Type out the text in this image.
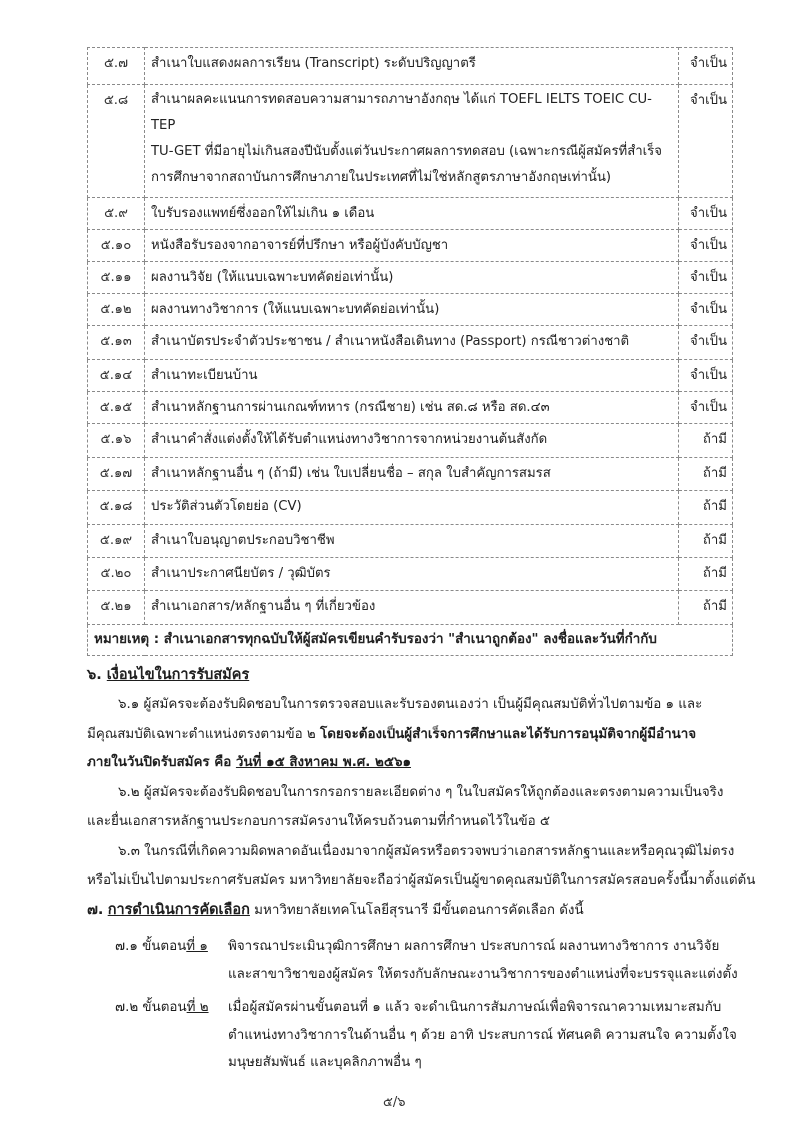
๕.๗	สำเนาใบแสดงผลการเรียน (Transcript) ระดับปริญญาตรี	จำเป็น
๕.๘	สำเนาผลคะแนนการทดสอบความสามารถภาษาอังกฤษ ได้แก่ TOEFL IELTS TOEIC CU-TEP
TU-GET ที่มีอายุไม่เกินสองปีนับตั้งแต่วันประกาศผลการทดสอบ (เฉพาะกรณีผู้สมัครที่สำเร็จ
การศึกษาจากสถาบันการศึกษาภายในประเทศที่ไม่ใช่หลักสูตรภาษาอังกฤษเท่านั้น)	จำเป็น
๕.๙	ใบรับรองแพทย์ซึ่งออกให้ไม่เกิน ๑ เดือน	จำเป็น
๕.๑๐	หนังสือรับรองจากอาจารย์ที่ปรึกษา หรือผู้บังคับบัญชา	จำเป็น
๕.๑๑	ผลงานวิจัย (ให้แนบเฉพาะบทคัดย่อเท่านั้น)	จำเป็น
๕.๑๒	ผลงานทางวิชาการ (ให้แนบเฉพาะบทคัดย่อเท่านั้น)	จำเป็น
๕.๑๓	สำเนาบัตรประจำตัวประชาชน / สำเนาหนังสือเดินทาง (Passport) กรณีชาวต่างชาติ	จำเป็น
๕.๑๔	สำเนาทะเบียนบ้าน	จำเป็น
๕.๑๕	สำเนาหลักฐานการผ่านเกณฑ์ทหาร (กรณีชาย) เช่น สด.๘ หรือ สด.๔๓	จำเป็น
๕.๑๖	สำเนาคำสั่งแต่งตั้งให้ได้รับตำแหน่งทางวิชาการจากหน่วยงานต้นสังกัด	ถ้ามี
๕.๑๗	สำเนาหลักฐานอื่น ๆ (ถ้ามี) เช่น ใบเปลี่ยนชื่อ – สกุล ใบสำคัญการสมรส	ถ้ามี
๕.๑๘	ประวัติส่วนตัวโดยย่อ (CV)	ถ้ามี
๕.๑๙	สำเนาใบอนุญาตประกอบวิชาชีพ	ถ้ามี
๕.๒๐	สำเนาประกาศนียบัตร / วุฒิบัตร	ถ้ามี
๕.๒๑	สำเนาเอกสาร/หลักฐานอื่น ๆ ที่เกี่ยวข้อง	ถ้ามี
หมายเหตุ : สำเนาเอกสารทุกฉบับให้ผู้สมัครเขียนคำรับรองว่า "สำเนาถูกต้อง" ลงชื่อและวันที่กำกับ		
๖. เงื่อนไขในการรับสมัคร
๖.๑ ผู้สมัครจะต้องรับผิดชอบในการตรวจสอบและรับรองตนเองว่า เป็นผู้มีคุณสมบัติทั่วไปตามข้อ ๑ และ
มีคุณสมบัติเฉพาะตำแหน่งตรงตามข้อ ๒ โดยจะต้องเป็นผู้สำเร็จการศึกษาและได้รับการอนุมัติจากผู้มีอำนาจ
ภายในวันปิดรับสมัคร คือ วันที่ ๑๕ สิงหาคม พ.ศ. ๒๕๖๑
๖.๒ ผู้สมัครจะต้องรับผิดชอบในการกรอกรายละเอียดต่าง ๆ ในใบสมัครให้ถูกต้องและตรงตามความเป็นจริง
และยื่นเอกสารหลักฐานประกอบการสมัครงานให้ครบถ้วนตามที่กำหนดไว้ในข้อ ๕
๖.๓ ในกรณีที่เกิดความผิดพลาดอันเนื่องมาจากผู้สมัครหรือตรวจพบว่าเอกสารหลักฐานและหรือคุณวุฒิไม่ตรง
หรือไม่เป็นไปตามประกาศรับสมัคร มหาวิทยาลัยจะถือว่าผู้สมัครเป็นผู้ขาดคุณสมบัติในการสมัครสอบครั้งนี้มาตั้งแต่ต้น
๗. การดำเนินการคัดเลือก มหาวิทยาลัยเทคโนโลยีสุรนารี มีขั้นตอนการคัดเลือก ดังนี้
๗.๑ ขั้นตอนที่ ๑ พิจารณาประเมินวุฒิการศึกษา ผลการศึกษา ประสบการณ์ ผลงานทางวิชาการ งานวิจัย
และสาขาวิชาของผู้สมัคร ให้ตรงกับลักษณะงานวิชาการของตำแหน่งที่จะบรรจุและแต่งตั้ง
๗.๒ ขั้นตอนที่ ๒ เมื่อผู้สมัครผ่านขั้นตอนที่ ๑ แล้ว จะดำเนินการสัมภาษณ์เพื่อพิจารณาความเหมาะสมกับ
ตำแหน่งทางวิชาการในด้านอื่น ๆ ด้วย อาทิ ประสบการณ์ ทัศนคติ ความสนใจ ความตั้งใจ
มนุษยสัมพันธ์ และบุคลิกภาพอื่น ๆ
๕/๖
